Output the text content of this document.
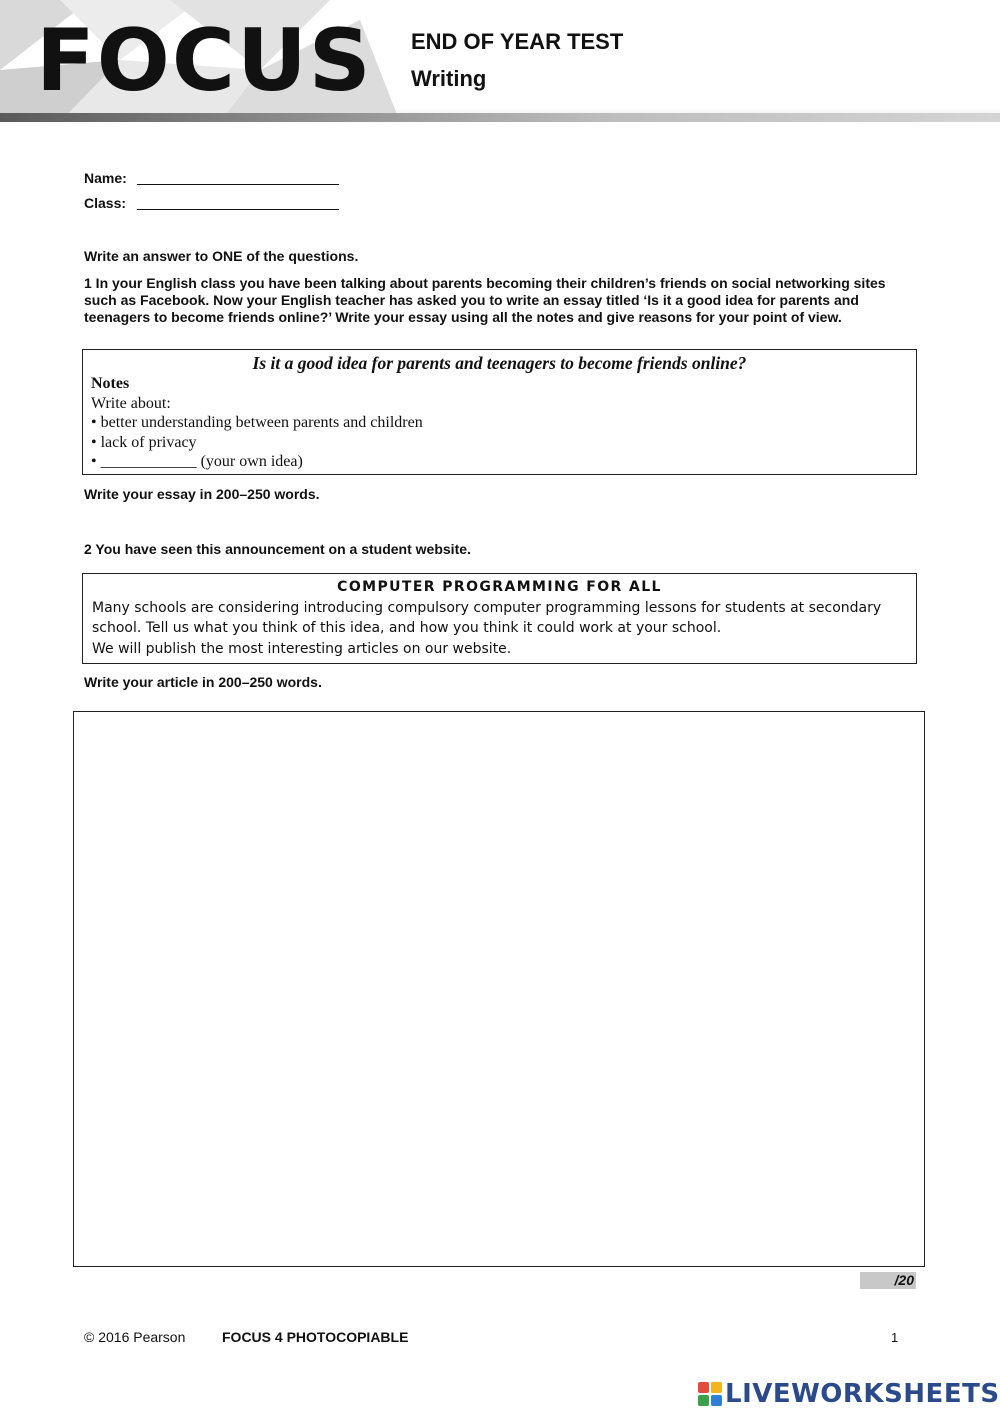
FOCUS END OF YEAR TEST
Writing
Name:
Class:
Write an answer to ONE of the questions.
1 In your English class you have been talking about parents becoming their children’s friends on social networking sites such as Facebook. Now your English teacher has asked you to write an essay titled ‘Is it a good idea for parents and teenagers to become friends online?’ Write your essay using all the notes and give reasons for your point of view.
Is it a good idea for parents and teenagers to become friends online?
Notes
Write about:
• better understanding between parents and children
• lack of privacy
• ____________ (your own idea)
Write your essay in 200–250 words.
2 You have seen this announcement on a student website.
COMPUTER PROGRAMMING FOR ALL
Many schools are considering introducing compulsory computer programming lessons for students at secondary
school. Tell us what you think of this idea, and how you think it could work at your school.
We will publish the most interesting articles on our website.
Write your article in 200–250 words.
/20
© 2016 Pearson	FOCUS 4 PHOTOCOPIABLE	1
LIVEWORKSHEETS
